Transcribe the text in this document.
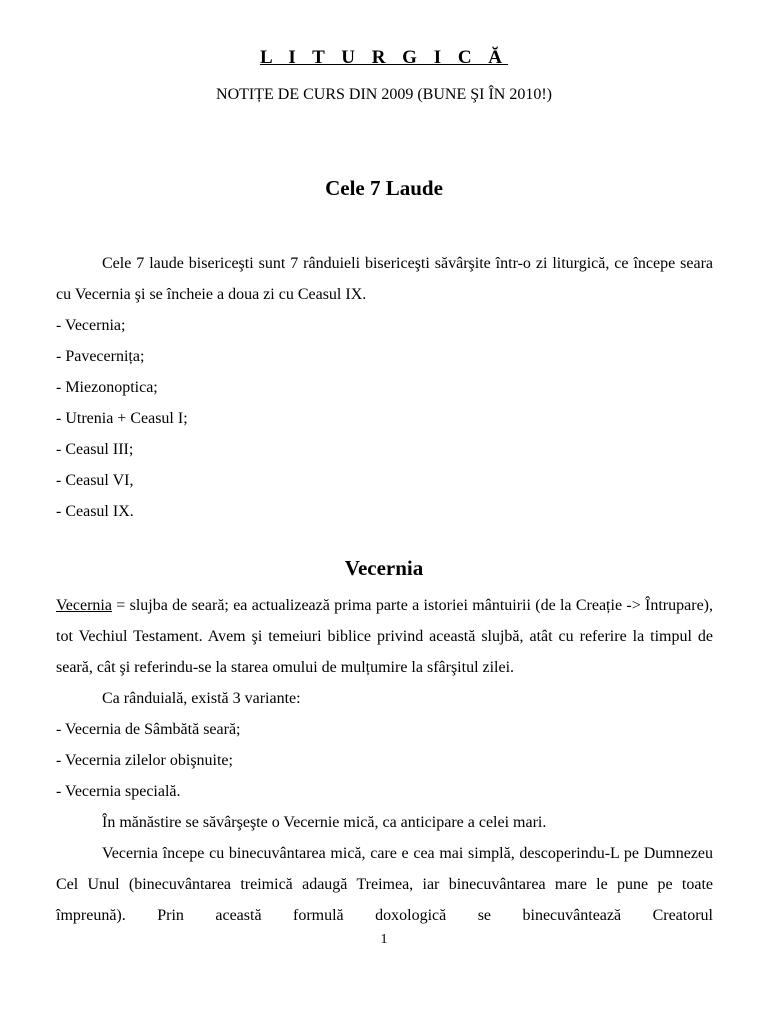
L I T U R G I C Ă
NOTIȚE DE CURS DIN 2009 (BUNE ŞI ÎN 2010!)
Cele 7 Laude

Cele 7 laude bisericeşti sunt 7 rânduieli bisericeşti săvârşite într-o zi liturgică, ce începe seara cu Vecernia şi se încheie a doua zi cu Ceasul IX.

- Vecernia;

- Pavecernița;

- Miezonoptica;

- Utrenia + Ceasul I;

- Ceasul III;

- Ceasul VI,

- Ceasul IX.

Vecernia

Vecernia = slujba de seară; ea actualizează prima parte a istoriei mântuirii (de la Creație -> Întrupare), tot Vechiul Testament. Avem şi temeiuri biblice privind această slujbă, atât cu referire la timpul de seară, cât şi referindu-se la starea omului de mulțumire la sfârşitul zilei.

Ca rânduială, există 3 variante:

- Vecernia de Sâmbătă seară;

- Vecernia zilelor obişnuite;

- Vecernia specială.

În mănăstire se săvârşeşte o Vecernie mică, ca anticipare a celei mari.

Vecernia începe cu binecuvântarea mică, care e cea mai simplă, descoperindu-L pe Dumnezeu Cel Unul (binecuvântarea treimică adaugă Treimea, iar binecuvântarea mare le pune pe toate împreună). Prin această formulă doxologică se binecuvântează Creatorul

1
